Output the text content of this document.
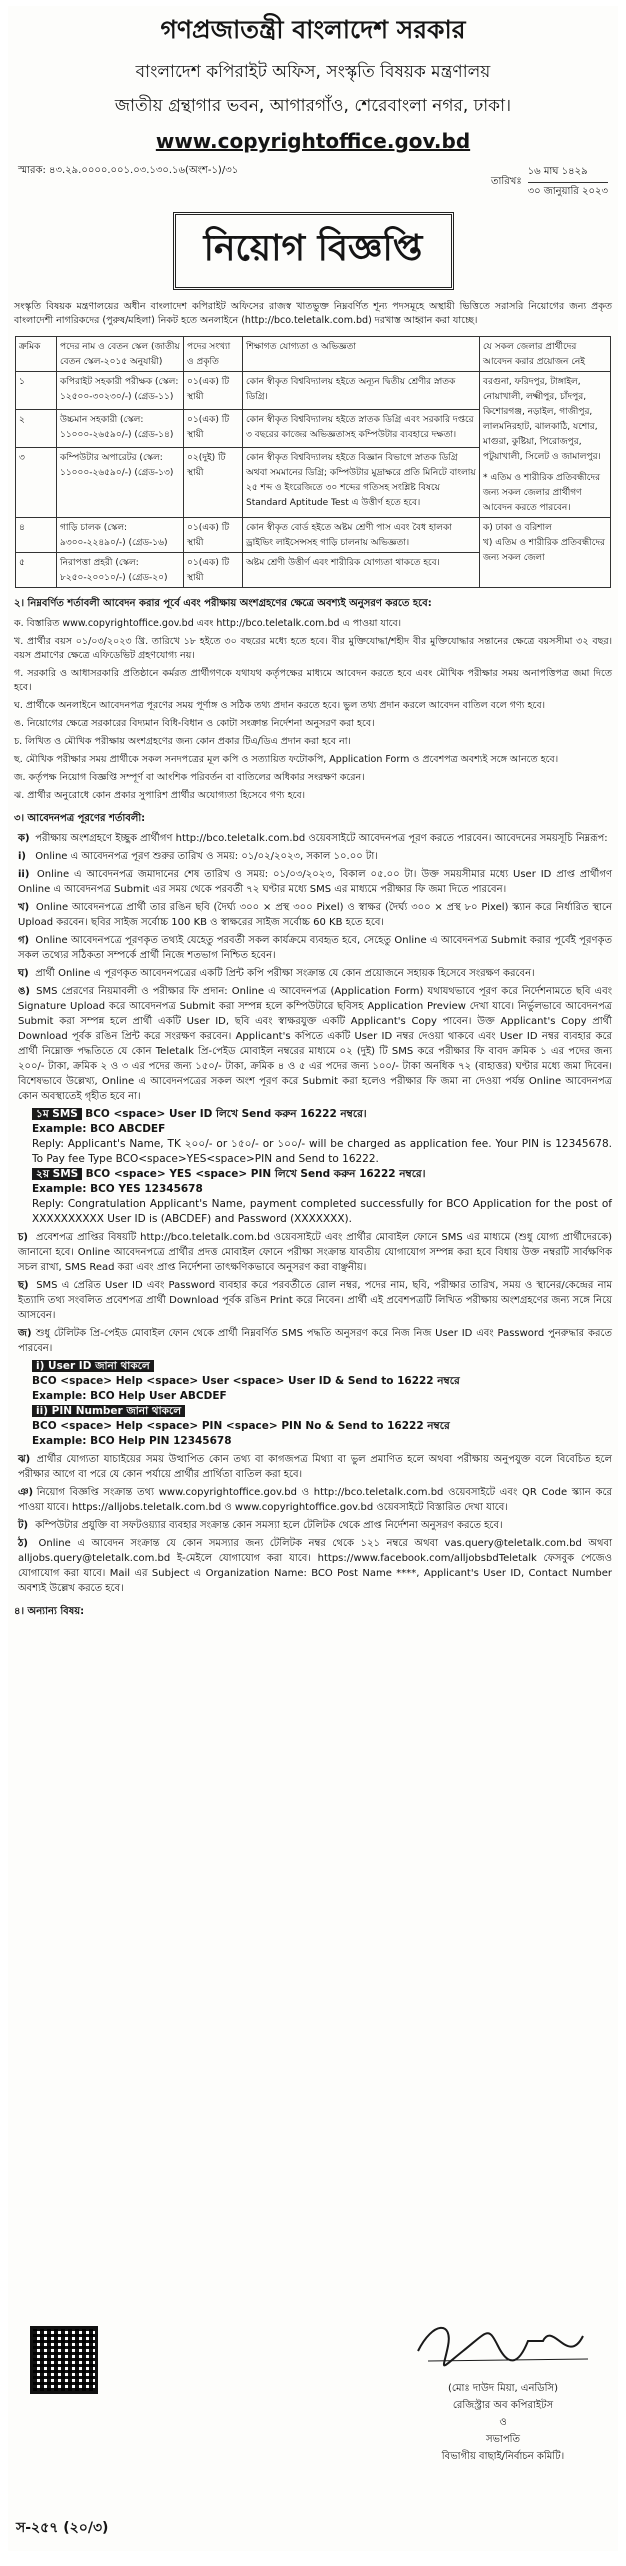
গণপ্রজাতন্ত্রী বাংলাদেশ সরকার
বাংলাদেশ কপিরাইট অফিস, সংস্কৃতি বিষয়ক মন্ত্রণালয়
জাতীয় গ্রন্থাগার ভবন, আগারগাঁও, শেরেবাংলা নগর, ঢাকা।
www.copyrightoffice.gov.bd
স্মারক: ৪৩.২৯.০০০০.০০১.০৩.১৩০.১৬(অংশ-১)/৩১
তারিখঃ
১৬ মাঘ ১৪২৯
৩০ জানুয়ারি ২০২৩
নিয়োগ বিজ্ঞপ্তি
সংস্কৃতি বিষয়ক মন্ত্রণালয়ের অধীন বাংলাদেশ কপিরাইট অফিসের রাজস্ব খাতভুক্ত নিম্নবর্ণিত শূন্য পদসমূহে অস্থায়ী ভিত্তিতে সরাসরি নিয়োগের জন্য প্রকৃত বাংলাদেশী নাগরিকদের (পুরুষ/মহিলা) নিকট হতে অনলাইনে (http://bco.teletalk.com.bd) দরখাস্ত আহ্বান করা যাচ্ছে।
ক্রমিক	পদের নাম ও বেতন স্কেল (জাতীয় বেতন স্কেল-২০১৫ অনুযায়ী)	পদের সংখ্যা ও প্রকৃতি	শিক্ষাগত যোগ্যতা ও অভিজ্ঞতা	যে সকল জেলার প্রার্থীদের আবেদন করার প্রয়োজন নেই
১	কপিরাইট সহকারী পরীক্ষক (স্কেল: ১২৫০০-৩০২৩০/-) (গ্রেড-১১)	০১(এক) টি স্থায়ী	কোন স্বীকৃত বিশ্ববিদ্যালয় হইতে অন্যূন দ্বিতীয় শ্রেণীর স্নাতক ডিগ্রি।	বরগুনা, ফরিদপুর, টাঙ্গাইল, নোয়াখালী, লক্ষ্মীপুর, চাঁদপুর, কিশোরগঞ্জ, নড়াইল, গাজীপুর, লালমনিরহাট, ঝালকাঠি, যশোর, মাগুরা, কুষ্টিয়া, পিরোজপুর, পটুয়াখালী, সিলেট ও জামালপুর।
* এতিম ও শারীরিক প্রতিবন্ধীদের জন্য সকল জেলার প্রার্থীগণ আবেদন করতে পারবেন।

২	উচ্চমান সহকারী (স্কেল: ১১০০০-২৬৫৯০/-) (গ্রেড-১৪)	০১(এক) টি স্থায়ী	কোন স্বীকৃত বিশ্ববিদ্যালয় হইতে স্নাতক ডিগ্রি এবং সরকারি দপ্তরে ৩ বছরের কাজের অভিজ্ঞতাসহ কম্পিউটার ব্যবহারে দক্ষতা।	
৩	কম্পিউটার অপারেটর (স্কেল: ১১০০০-২৬৫৯০/-) (গ্রেড-১৩)	০২(দুই) টি স্থায়ী	কোন স্বীকৃত বিশ্ববিদ্যালয় হইতে বিজ্ঞান বিভাগে স্নাতক ডিগ্রি অথবা সমমানের ডিগ্রি; কম্পিউটার মুদ্রাক্ষরে প্রতি মিনিটে বাংলায় ২৫ শব্দ ও ইংরেজিতে ৩০ শব্দের গতিসহ সংশ্লিষ্ট বিষয়ে Standard Aptitude Test এ উত্তীর্ণ হতে হবে।	
৪	গাড়ি চালক (স্কেল: ৯৩০০-২২৪৯০/-) (গ্রেড-১৬)	০১(এক) টি স্থায়ী	কোন স্বীকৃত বোর্ড হইতে অষ্টম শ্রেণী পাস এবং বৈধ হালকা ড্রাইভিং লাইসেন্সসহ গাড়ি চালনায় অভিজ্ঞতা।	ক) ঢাকা ও বরিশাল
খ) এতিম ও শারীরিক প্রতিবন্ধীদের জন্য সকল জেলা

৫	নিরাপত্তা প্রহরী (স্কেল: ৮২৫০-২০০১০/-) (গ্রেড-২০)	০১(এক) টি স্থায়ী	অষ্টম শ্রেণী উত্তীর্ণ এবং শারীরিক যোগ্যতা থাকতে হবে।	
২। নিম্নবর্ণিত শর্তাবলী আবেদন করার পূর্বে এবং পরীক্ষায় অংশগ্রহণের ক্ষেত্রে অবশ্যই অনুসরণ করতে হবে:
ক. বিস্তারিত www.copyrightoffice.gov.bd এবং http://bco.teletalk.com.bd এ পাওয়া যাবে।
খ. প্রার্থীর বয়স ০১/০৩/২০২৩ খ্রি. তারিখে ১৮ হইতে ৩০ বছরের মধ্যে হতে হবে। বীর মুক্তিযোদ্ধা/শহীদ বীর মুক্তিযোদ্ধার সন্তানের ক্ষেত্রে বয়সসীমা ৩২ বছর। বয়স প্রমাণের ক্ষেত্রে এফিডেভিট গ্রহণযোগ্য নয়।
গ. সরকারি ও আধাসরকারি প্রতিষ্ঠানে কর্মরত প্রার্থীগণকে যথাযথ কর্তৃপক্ষের মাধ্যমে আবেদন করতে হবে এবং মৌখিক পরীক্ষার সময় অনাপত্তিপত্র জমা দিতে হবে।
ঘ. প্রার্থীকে অনলাইনে আবেদনপত্র পূরণের সময় পূর্ণাঙ্গ ও সঠিক তথ্য প্রদান করতে হবে। ভুল তথ্য প্রদান করলে আবেদন বাতিল বলে গণ্য হবে।
ঙ. নিয়োগের ক্ষেত্রে সরকারের বিদ্যমান বিধি-বিধান ও কোটা সংক্রান্ত নির্দেশনা অনুসরণ করা হবে।
চ. লিখিত ও মৌখিক পরীক্ষায় অংশগ্রহণের জন্য কোন প্রকার টিএ/ডিএ প্রদান করা হবে না।
ছ. মৌখিক পরীক্ষার সময় প্রার্থীকে সকল সনদপত্রের মূল কপি ও সত্যায়িত ফটোকপি, Application Form ও প্রবেশপত্র অবশ্যই সঙ্গে আনতে হবে।
জ. কর্তৃপক্ষ নিয়োগ বিজ্ঞপ্তি সম্পূর্ণ বা আংশিক পরিবর্তন বা বাতিলের অধিকার সংরক্ষণ করেন।
ঝ. প্রার্থীর অনুরোধে কোন প্রকার সুপারিশ প্রার্থীর অযোগ্যতা হিসেবে গণ্য হবে।
৩। আবেদনপত্র পূরণের শর্তাবলী:
ক) পরীক্ষায় অংশগ্রহণে ইচ্ছুক প্রার্থীগণ http://bco.teletalk.com.bd ওয়েবসাইটে আবেদনপত্র পূরণ করতে পারবেন। আবেদনের সময়সূচি নিম্নরূপ:
i) Online এ আবেদনপত্র পূরণ শুরুর তারিখ ও সময়: ০১/০২/২০২৩, সকাল ১০.০০ টা।
ii) Online এ আবেদনপত্র জমাদানের শেষ তারিখ ও সময়: ০১/০৩/২০২৩, বিকাল ০৫.০০ টা। উক্ত সময়সীমার মধ্যে User ID প্রাপ্ত প্রার্থীগণ Online এ আবেদনপত্র Submit এর সময় থেকে পরবর্তী ৭২ ঘণ্টার মধ্যে SMS এর মাধ্যমে পরীক্ষার ফি জমা দিতে পারবেন।
খ) Online আবেদনপত্রে প্রার্থী তার রঙিন ছবি (দৈর্ঘ্য ৩০০ × প্রস্থ ৩০০ Pixel) ও স্বাক্ষর (দৈর্ঘ্য ৩০০ × প্রস্থ ৮০ Pixel) স্ক্যান করে নির্ধারিত স্থানে Upload করবেন। ছবির সাইজ সর্বোচ্চ 100 KB ও স্বাক্ষরের সাইজ সর্বোচ্চ 60 KB হতে হবে।
গ) Online আবেদনপত্রে পূরণকৃত তথ্যই যেহেতু পরবর্তী সকল কার্যক্রমে ব্যবহৃত হবে, সেহেতু Online এ আবেদনপত্র Submit করার পূর্বেই পূরণকৃত সকল তথ্যের সঠিকতা সম্পর্কে প্রার্থী নিজে শতভাগ নিশ্চিত হবেন।
ঘ) প্রার্থী Online এ পূরণকৃত আবেদনপত্রের একটি প্রিন্ট কপি পরীক্ষা সংক্রান্ত যে কোন প্রয়োজনে সহায়ক হিসেবে সংরক্ষণ করবেন।
ঙ) SMS প্রেরণের নিয়মাবলী ও পরীক্ষার ফি প্রদান: Online এ আবেদনপত্র (Application Form) যথাযথভাবে পূরণ করে নির্দেশনামতে ছবি এবং Signature Upload করে আবেদনপত্র Submit করা সম্পন্ন হলে কম্পিউটারে ছবিসহ Application Preview দেখা যাবে। নির্ভুলভাবে আবেদনপত্র Submit করা সম্পন্ন হলে প্রার্থী একটি User ID, ছবি এবং স্বাক্ষরযুক্ত একটি Applicant's Copy পাবেন। উক্ত Applicant's Copy প্রার্থী Download পূর্বক রঙিন প্রিন্ট করে সংরক্ষণ করবেন। Applicant's কপিতে একটি User ID নম্বর দেওয়া থাকবে এবং User ID নম্বর ব্যবহার করে প্রার্থী নিম্নোক্ত পদ্ধতিতে যে কোন Teletalk প্রি-পেইড মোবাইল নম্বরের মাধ্যমে ০২ (দুই) টি SMS করে পরীক্ষার ফি বাবদ ক্রমিক ১ এর পদের জন্য ২০০/- টাকা, ক্রমিক ২ ও ৩ এর পদের জন্য ১৫০/- টাকা, ক্রমিক ৪ ও ৫ এর পদের জন্য ১০০/- টাকা অনধিক ৭২ (বাহাত্তর) ঘণ্টার মধ্যে জমা দিবেন। বিশেষভাবে উল্লেখ্য, Online এ আবেদনপত্রের সকল অংশ পূরণ করে Submit করা হলেও পরীক্ষার ফি জমা না দেওয়া পর্যন্ত Online আবেদনপত্র কোন অবস্থাতেই গৃহীত হবে না।
১ম SMS BCO <space> User ID লিখে Send করুন 16222 নম্বরে।
Example: BCO ABCDEF
Reply: Applicant's Name, TK ২০০/- or ১৫০/- or ১০০/- will be charged as application fee. Your PIN is 12345678. To Pay fee Type BCO<space>YES<space>PIN and Send to 16222.
২য় SMS BCO <space> YES <space> PIN লিখে Send করুন 16222 নম্বরে।
Example: BCO YES 12345678
Reply: Congratulation Applicant's Name, payment completed successfully for BCO Application for the post of XXXXXXXXXX User ID is (ABCDEF) and Password (XXXXXXX).
চ) প্রবেশপত্র প্রাপ্তির বিষয়টি http://bco.teletalk.com.bd ওয়েবসাইটে এবং প্রার্থীর মোবাইল ফোনে SMS এর মাধ্যমে (শুধু যোগ্য প্রার্থীদেরকে) জানানো হবে। Online আবেদনপত্রে প্রার্থীর প্রদত্ত মোবাইল ফোনে পরীক্ষা সংক্রান্ত যাবতীয় যোগাযোগ সম্পন্ন করা হবে বিধায় উক্ত নম্বরটি সার্বক্ষণিক সচল রাখা, SMS Read করা এবং প্রাপ্ত নির্দেশনা তাৎক্ষণিকভাবে অনুসরণ করা বাঞ্ছনীয়।
ছ) SMS এ প্রেরিত User ID এবং Password ব্যবহার করে পরবর্তীতে রোল নম্বর, পদের নাম, ছবি, পরীক্ষার তারিখ, সময় ও স্থানের/কেন্দ্রের নাম ইত্যাদি তথ্য সংবলিত প্রবেশপত্র প্রার্থী Download পূর্বক রঙিন Print করে নিবেন। প্রার্থী এই প্রবেশপত্রটি লিখিত পরীক্ষায় অংশগ্রহণের জন্য সঙ্গে নিয়ে আসবেন।
জ) শুধু টেলিটক প্রি-পেইড মোবাইল ফোন থেকে প্রার্থী নিম্নবর্ণিত SMS পদ্ধতি অনুসরণ করে নিজ নিজ User ID এবং Password পুনরুদ্ধার করতে পারবেন।
i) User ID জানা থাকলে
BCO <space> Help <space> User <space> User ID & Send to 16222 নম্বরে
Example: BCO Help User ABCDEF
ii) PIN Number জানা থাকলে
BCO <space> Help <space> PIN <space> PIN No & Send to 16222 নম্বরে
Example: BCO Help PIN 12345678
ঝ) প্রার্থীর যোগ্যতা যাচাইয়ের সময় উত্থাপিত কোন তথ্য বা কাগজপত্র মিথ্যা বা ভুল প্রমাণিত হলে অথবা পরীক্ষায় অনুপযুক্ত বলে বিবেচিত হলে পরীক্ষার আগে বা পরে যে কোন পর্যায়ে প্রার্থীর প্রার্থিতা বাতিল করা হবে।
ঞ) নিয়োগ বিজ্ঞপ্তি সংক্রান্ত তথ্য www.copyrightoffice.gov.bd ও http://bco.teletalk.com.bd ওয়েবসাইটে এবং QR Code স্ক্যান করে পাওয়া যাবে। https://alljobs.teletalk.com.bd ও www.copyrightoffice.gov.bd ওয়েবসাইটে বিস্তারিত দেখা যাবে।
ট) কম্পিউটার প্রযুক্তি বা সফটওয়্যার ব্যবহার সংক্রান্ত কোন সমস্যা হলে টেলিটক থেকে প্রাপ্ত নির্দেশনা অনুসরণ করতে হবে।
ঠ) Online এ আবেদন সংক্রান্ত যে কোন সমস্যার জন্য টেলিটক নম্বর থেকে ১২১ নম্বরে অথবা vas.query@teletalk.com.bd অথবা alljobs.query@teletalk.com.bd ই-মেইলে যোগাযোগ করা যাবে। https://www.facebook.com/alljobsbdTeletalk ফেসবুক পেজেও যোগাযোগ করা যাবে। Mail এর Subject এ Organization Name: BCO Post Name ****, Applicant's User ID, Contact Number অবশ্যই উল্লেখ করতে হবে।
৪। অন্যান্য বিষয়:
(মোঃ দাউদ মিয়া, এনডিসি)
রেজিস্ট্রার অব কপিরাইটস
ও
সভাপতি
বিভাগীয় বাছাই/নির্বাচন কমিটি।
স-২৫৭ (২০/৩)
